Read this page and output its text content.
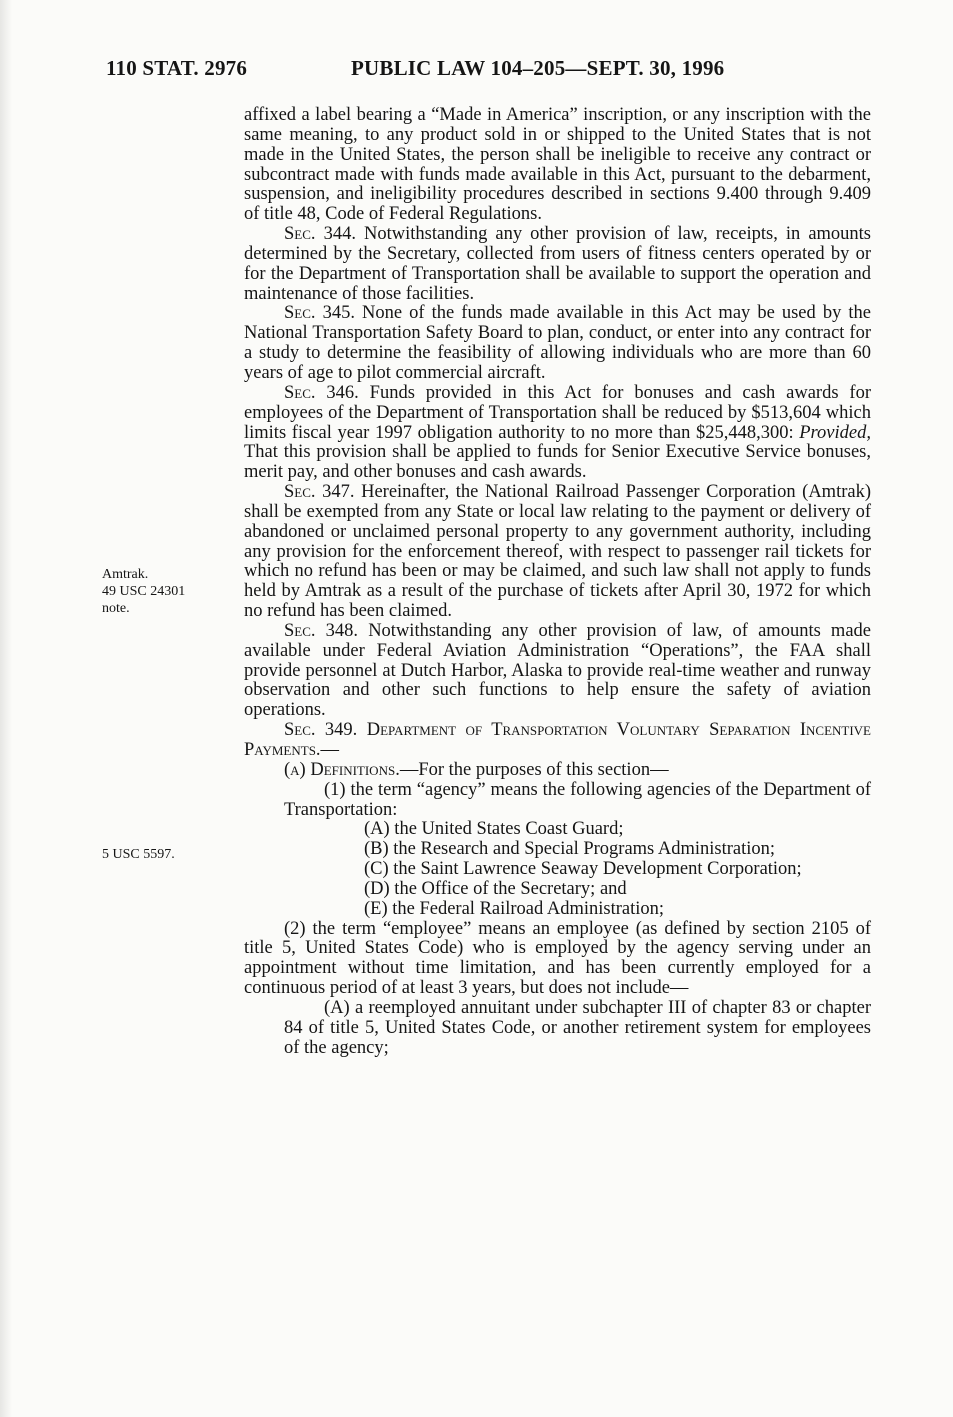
110 STAT. 2976	PUBLIC LAW 104–205—SEPT. 30, 1996
Amtrak.
49 USC 24301
note.
5 USC 5597.

affixed a label bearing a “Made in America” inscription, or any inscription with the same meaning, to any product sold in or shipped to the United States that is not made in the United States, the person shall be ineligible to receive any contract or subcontract made with funds made available in this Act, pursuant to the debarment, suspension, and ineligibility procedures described in sections 9.400 through 9.409 of title 48, Code of Federal Regulations.

Sec. 344. Notwithstanding any other provision of law, receipts, in amounts determined by the Secretary, collected from users of fitness centers operated by or for the Department of Transportation shall be available to support the operation and maintenance of those facilities.

Sec. 345. None of the funds made available in this Act may be used by the National Transportation Safety Board to plan, conduct, or enter into any contract for a study to determine the feasibility of allowing individuals who are more than 60 years of age to pilot commercial aircraft.

Sec. 346. Funds provided in this Act for bonuses and cash awards for employees of the Department of Transportation shall be reduced by $513,604 which limits fiscal year 1997 obligation authority to no more than $25,448,300: Provided, That this provision shall be applied to funds for Senior Executive Service bonuses, merit pay, and other bonuses and cash awards.

Sec. 347. Hereinafter, the National Railroad Passenger Corporation (Amtrak) shall be exempted from any State or local law relating to the payment or delivery of abandoned or unclaimed personal property to any government authority, including any provision for the enforcement thereof, with respect to passenger rail tickets for which no refund has been or may be claimed, and such law shall not apply to funds held by Amtrak as a result of the purchase of tickets after April 30, 1972 for which no refund has been claimed.

Sec. 348. Notwithstanding any other provision of law, of amounts made available under Federal Aviation Administration “Operations”, the FAA shall provide personnel at Dutch Harbor, Alaska to provide real-time weather and runway observation and other such functions to help ensure the safety of aviation operations.

Sec. 349. Department of Transportation Voluntary Separation Incentive Payments.—

(a) Definitions.—For the purposes of this section—

(1) the term “agency” means the following agencies of the Department of Transportation:

(A) the United States Coast Guard;

(B) the Research and Special Programs Administration;

(C) the Saint Lawrence Seaway Development Corporation;

(D) the Office of the Secretary; and

(E) the Federal Railroad Administration;

(2) the term “employee” means an employee (as defined by section 2105 of title 5, United States Code) who is employed by the agency serving under an appointment without time limitation, and has been currently employed for a continuous period of at least 3 years, but does not include—

(A) a reemployed annuitant under subchapter III of chapter 83 or chapter 84 of title 5, United States Code, or another retirement system for employees of the agency;
